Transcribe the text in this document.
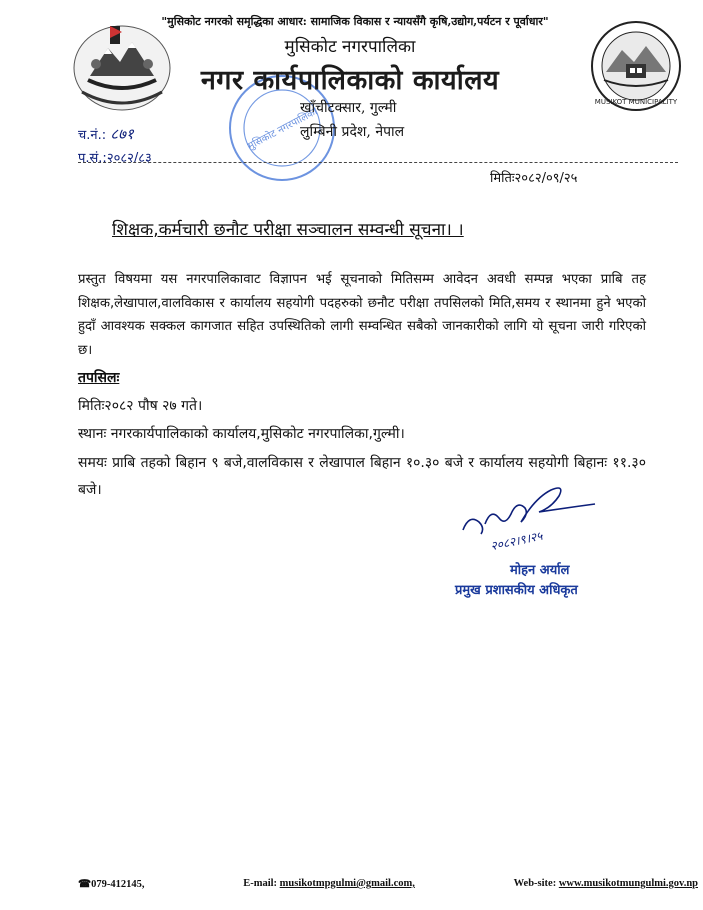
MUSIKOT MUNICIPALITY
मुसिकोट नगरपालिका
"मुसिकोट नगरको समृद्धिका आधार: सामाजिक विकास र न्यायसँगै कृषि,उद्योग,पर्यटन र पूर्वाधार"
मुसिकोट नगरपालिका
नगर कार्यपालिकाको कार्यालय
खाँचीटक्सार, गुल्मी
लुम्बिनी प्रदेश, नेपाल
च.नं.: ८७१
प.सं.:२०८२/८३
मितिः२०८२/०९/२५
शिक्षक,कर्मचारी छनौट परीक्षा सञ्चालन सम्वन्धी सूचना। ।
प्रस्तुत विषयमा यस नगरपालिकावाट विज्ञापन भई सूचनाको मितिसम्म आवेदन अवधी सम्पन्न भएका प्राबि तह शिक्षक,लेखापाल,वालविकास र कार्यालय सहयोगी पदहरुको छनौट परीक्षा तपसिलको मिति,समय र स्थानमा हुने भएको हुदाँ आवश्यक सक्कल कागजात सहित उपस्थितिको लागी सम्वन्धित सबैको जानकारीको लागि यो सूचना जारी गरिएको छ।
तपसिलः
मितिः२०८२ पौष २७ गते।
स्थानः नगरकार्यपालिकाको कार्यालय,मुसिकोट नगरपालिका,गुल्मी।
समयः प्राबि तहको बिहान ९ बजे,वालविकास र लेखापाल बिहान १०.३० बजे र कार्यालय सहयोगी बिहानः ११.३० बजे।
२०८२।९।२५
मोहन अर्याल
प्रमुख प्रशासकीय अधिकृत
☎079-412145,	E-mail: musikotmpgulmi@gmail.com,	Web-site: www.musikotmungulmi.gov.np
